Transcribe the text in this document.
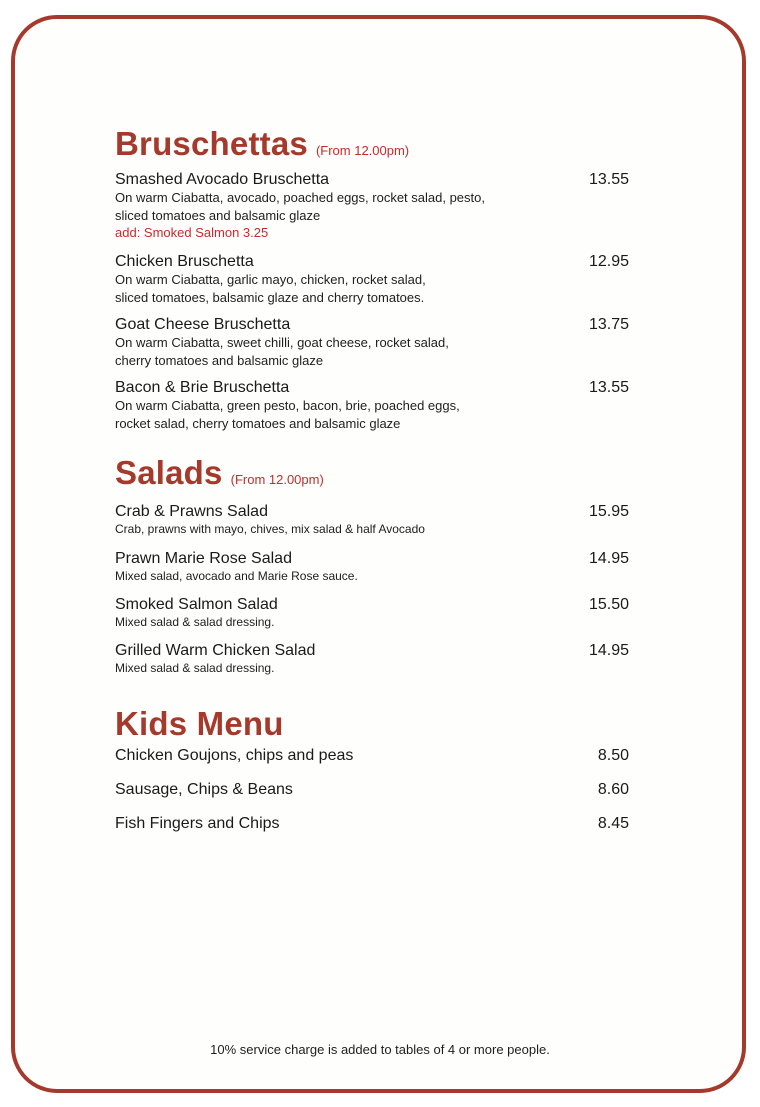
Bruschettas (From 12.00pm)
Smashed Avocado Bruschetta	13.55
On warm Ciabatta, avocado, poached eggs, rocket salad, pesto,
sliced tomatoes and balsamic glaze
add: Smoked Salmon 3.25
Chicken Bruschetta	12.95
On warm Ciabatta, garlic mayo, chicken, rocket salad,
sliced tomatoes, balsamic glaze and cherry tomatoes.
Goat Cheese Bruschetta	13.75
On warm Ciabatta, sweet chilli, goat cheese, rocket salad,
cherry tomatoes and balsamic glaze
Bacon & Brie Bruschetta	13.55
On warm Ciabatta, green pesto, bacon, brie, poached eggs,
rocket salad, cherry tomatoes and balsamic glaze
Salads (From 12.00pm)
Crab & Prawns Salad	15.95
Crab, prawns with mayo, chives, mix salad & half Avocado
Prawn Marie Rose Salad	14.95
Mixed salad, avocado and Marie Rose sauce.
Smoked Salmon Salad	15.50
Mixed salad & salad dressing.
Grilled Warm Chicken Salad	14.95
Mixed salad & salad dressing.
Kids Menu
Chicken Goujons, chips and peas	8.50
Sausage, Chips & Beans	8.60
Fish Fingers and Chips	8.45
10% service charge is added to tables of 4 or more people.
